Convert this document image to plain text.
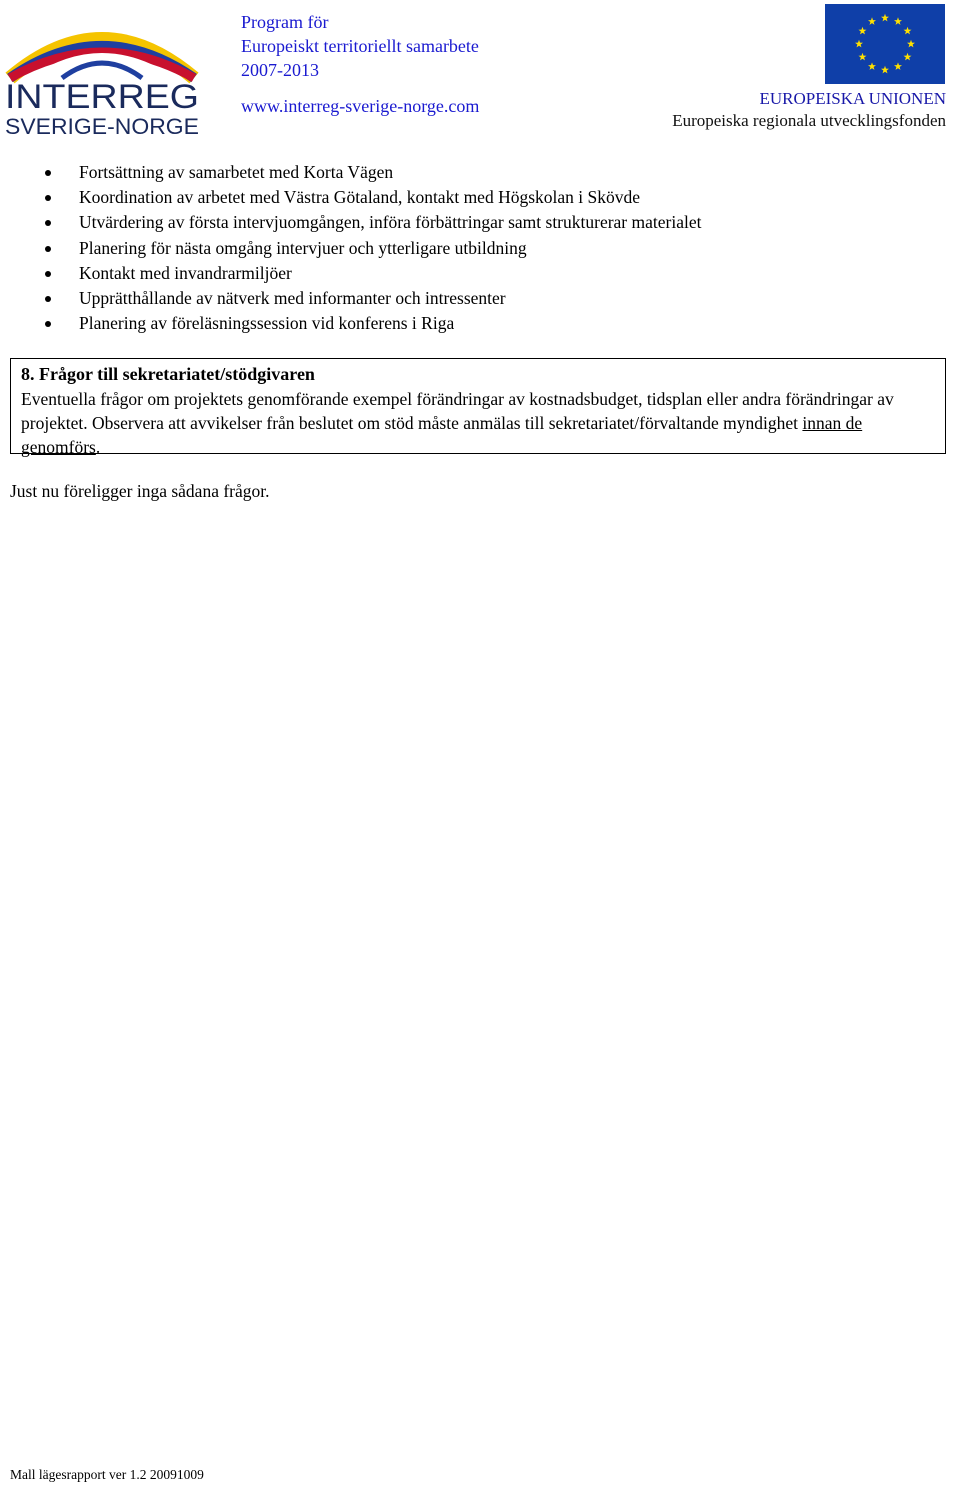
INTERREG
SVERIGE-NORGE
Program för
Europeiskt territoriellt samarbete
2007-2013
www.interreg-sverige-norge.com	EUROPEISKA UNIONEN
Europeiska regionala utvecklingsfonden
Fortsättning av samarbetet med Korta Vägen
Koordination av arbetet med Västra Götaland, kontakt med Högskolan i Skövde
Utvärdering av första intervjuomgången, införa förbättringar samt strukturerar materialet
Planering för nästa omgång intervjuer och ytterligare utbildning
Kontakt med invandrarmiljöer
Upprätthållande av nätverk med informanter och intressenter
Planering av föreläsningssession vid konferens i Riga
8. Frågor till sekretariatet/stödgivaren

Eventuella frågor om projektets genomförande exempel förändringar av kostnadsbudget, tidsplan eller andra förändringar av projektet. Observera att avvikelser från beslutet om stöd måste anmälas till sekretariatet/förvaltande myndighet innan de genomförs.

Just nu föreligger inga sådana frågor.
Mall lägesrapport ver 1.2 20091009
